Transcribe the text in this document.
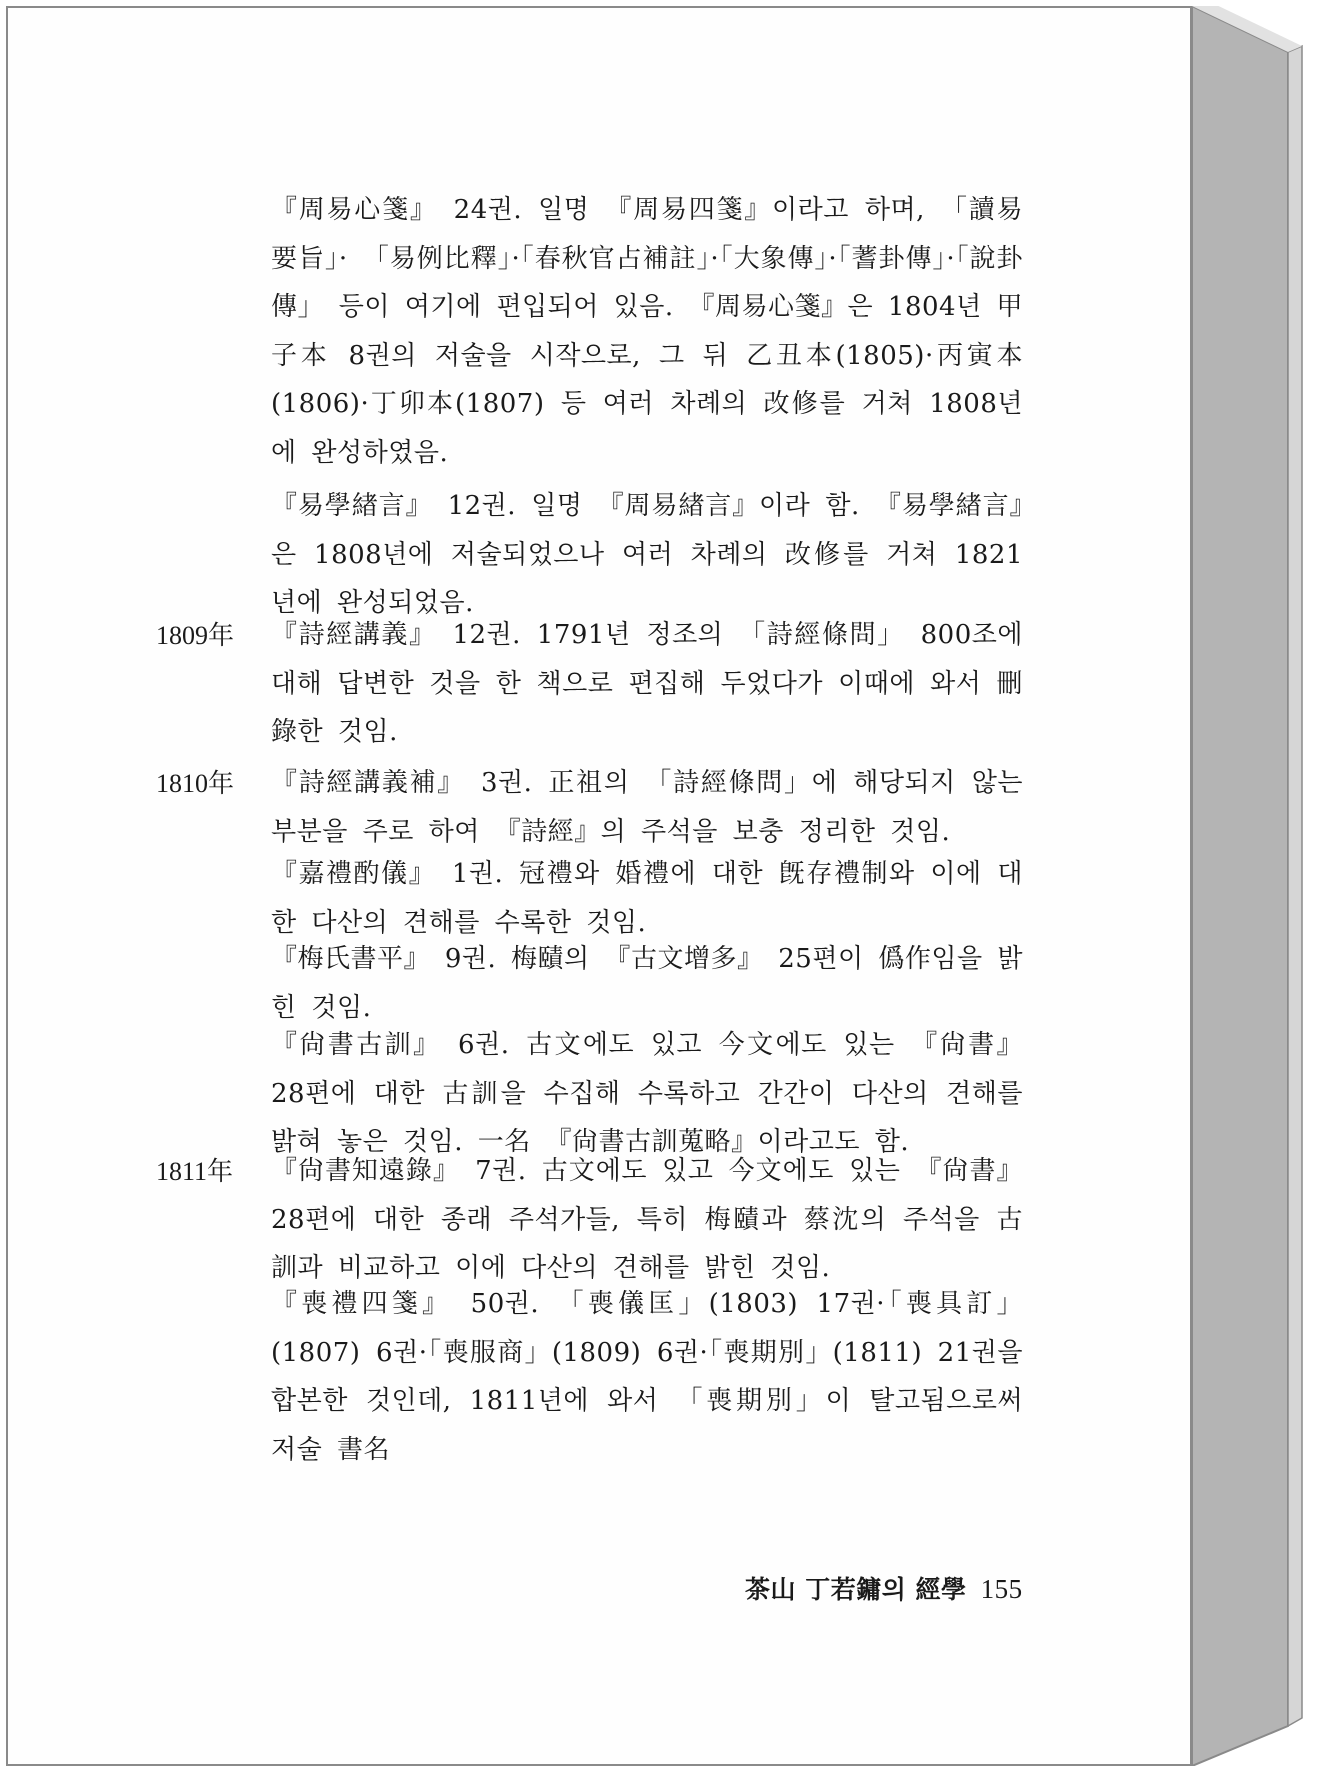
『周易心箋』 24권. 일명 『周易四箋』이라고 하며, 「讀易要旨」· 「易例比釋」·「春秋官占補註」·「大象傳」·「蓍卦傳」·「說卦傳」 등이 여기에 편입되어 있음. 『周易心箋』은 1804년 甲子本 8권의 저술을 시작으로, 그 뒤 乙丑本(1805)·丙寅本(1806)·丁卯本(1807) 등 여러 차례의 改修를 거쳐 1808년에 완성하였음.
『易學緖言』 12권. 일명 『周易緖言』이라 함. 『易學緖言』은 1808년에 저술되었으나 여러 차례의 改修를 거쳐 1821년에 완성되었음.
1809年 『詩經講義』 12권. 1791년 정조의 「詩經條問」 800조에 대해 답변한 것을 한 책으로 편집해 두었다가 이때에 와서 刪錄한 것임.
1810年 『詩經講義補』 3권. 正祖의 「詩經條問」에 해당되지 않는 부분을 주로 하여 『詩經』의 주석을 보충 정리한 것임.
『嘉禮酌儀』 1권. 冠禮와 婚禮에 대한 旣存禮制와 이에 대한 다산의 견해를 수록한 것임.
『梅氏書平』 9권. 梅賾의 『古文增多』 25편이 僞作임을 밝힌 것임.
『尙書古訓』 6권. 古文에도 있고 今文에도 있는 『尙書』 28편에 대한 古訓을 수집해 수록하고 간간이 다산의 견해를 밝혀 놓은 것임. 一名 『尙書古訓蒐略』이라고도 함.
1811年 『尙書知遠錄』 7권. 古文에도 있고 今文에도 있는 『尙書』 28편에 대한 종래 주석가들, 특히 梅賾과 蔡沈의 주석을 古訓과 비교하고 이에 다산의 견해를 밝힌 것임.
『喪禮四箋』 50권. 「喪儀匡」(1803) 17권·「喪具訂」(1807) 6권·「喪服商」(1809) 6권·「喪期別」(1811) 21권을 합본한 것인데, 1811년에 와서 「喪期別」이 탈고됨으로써 저술 書名
茶山 丁若鏞의 經學 155
